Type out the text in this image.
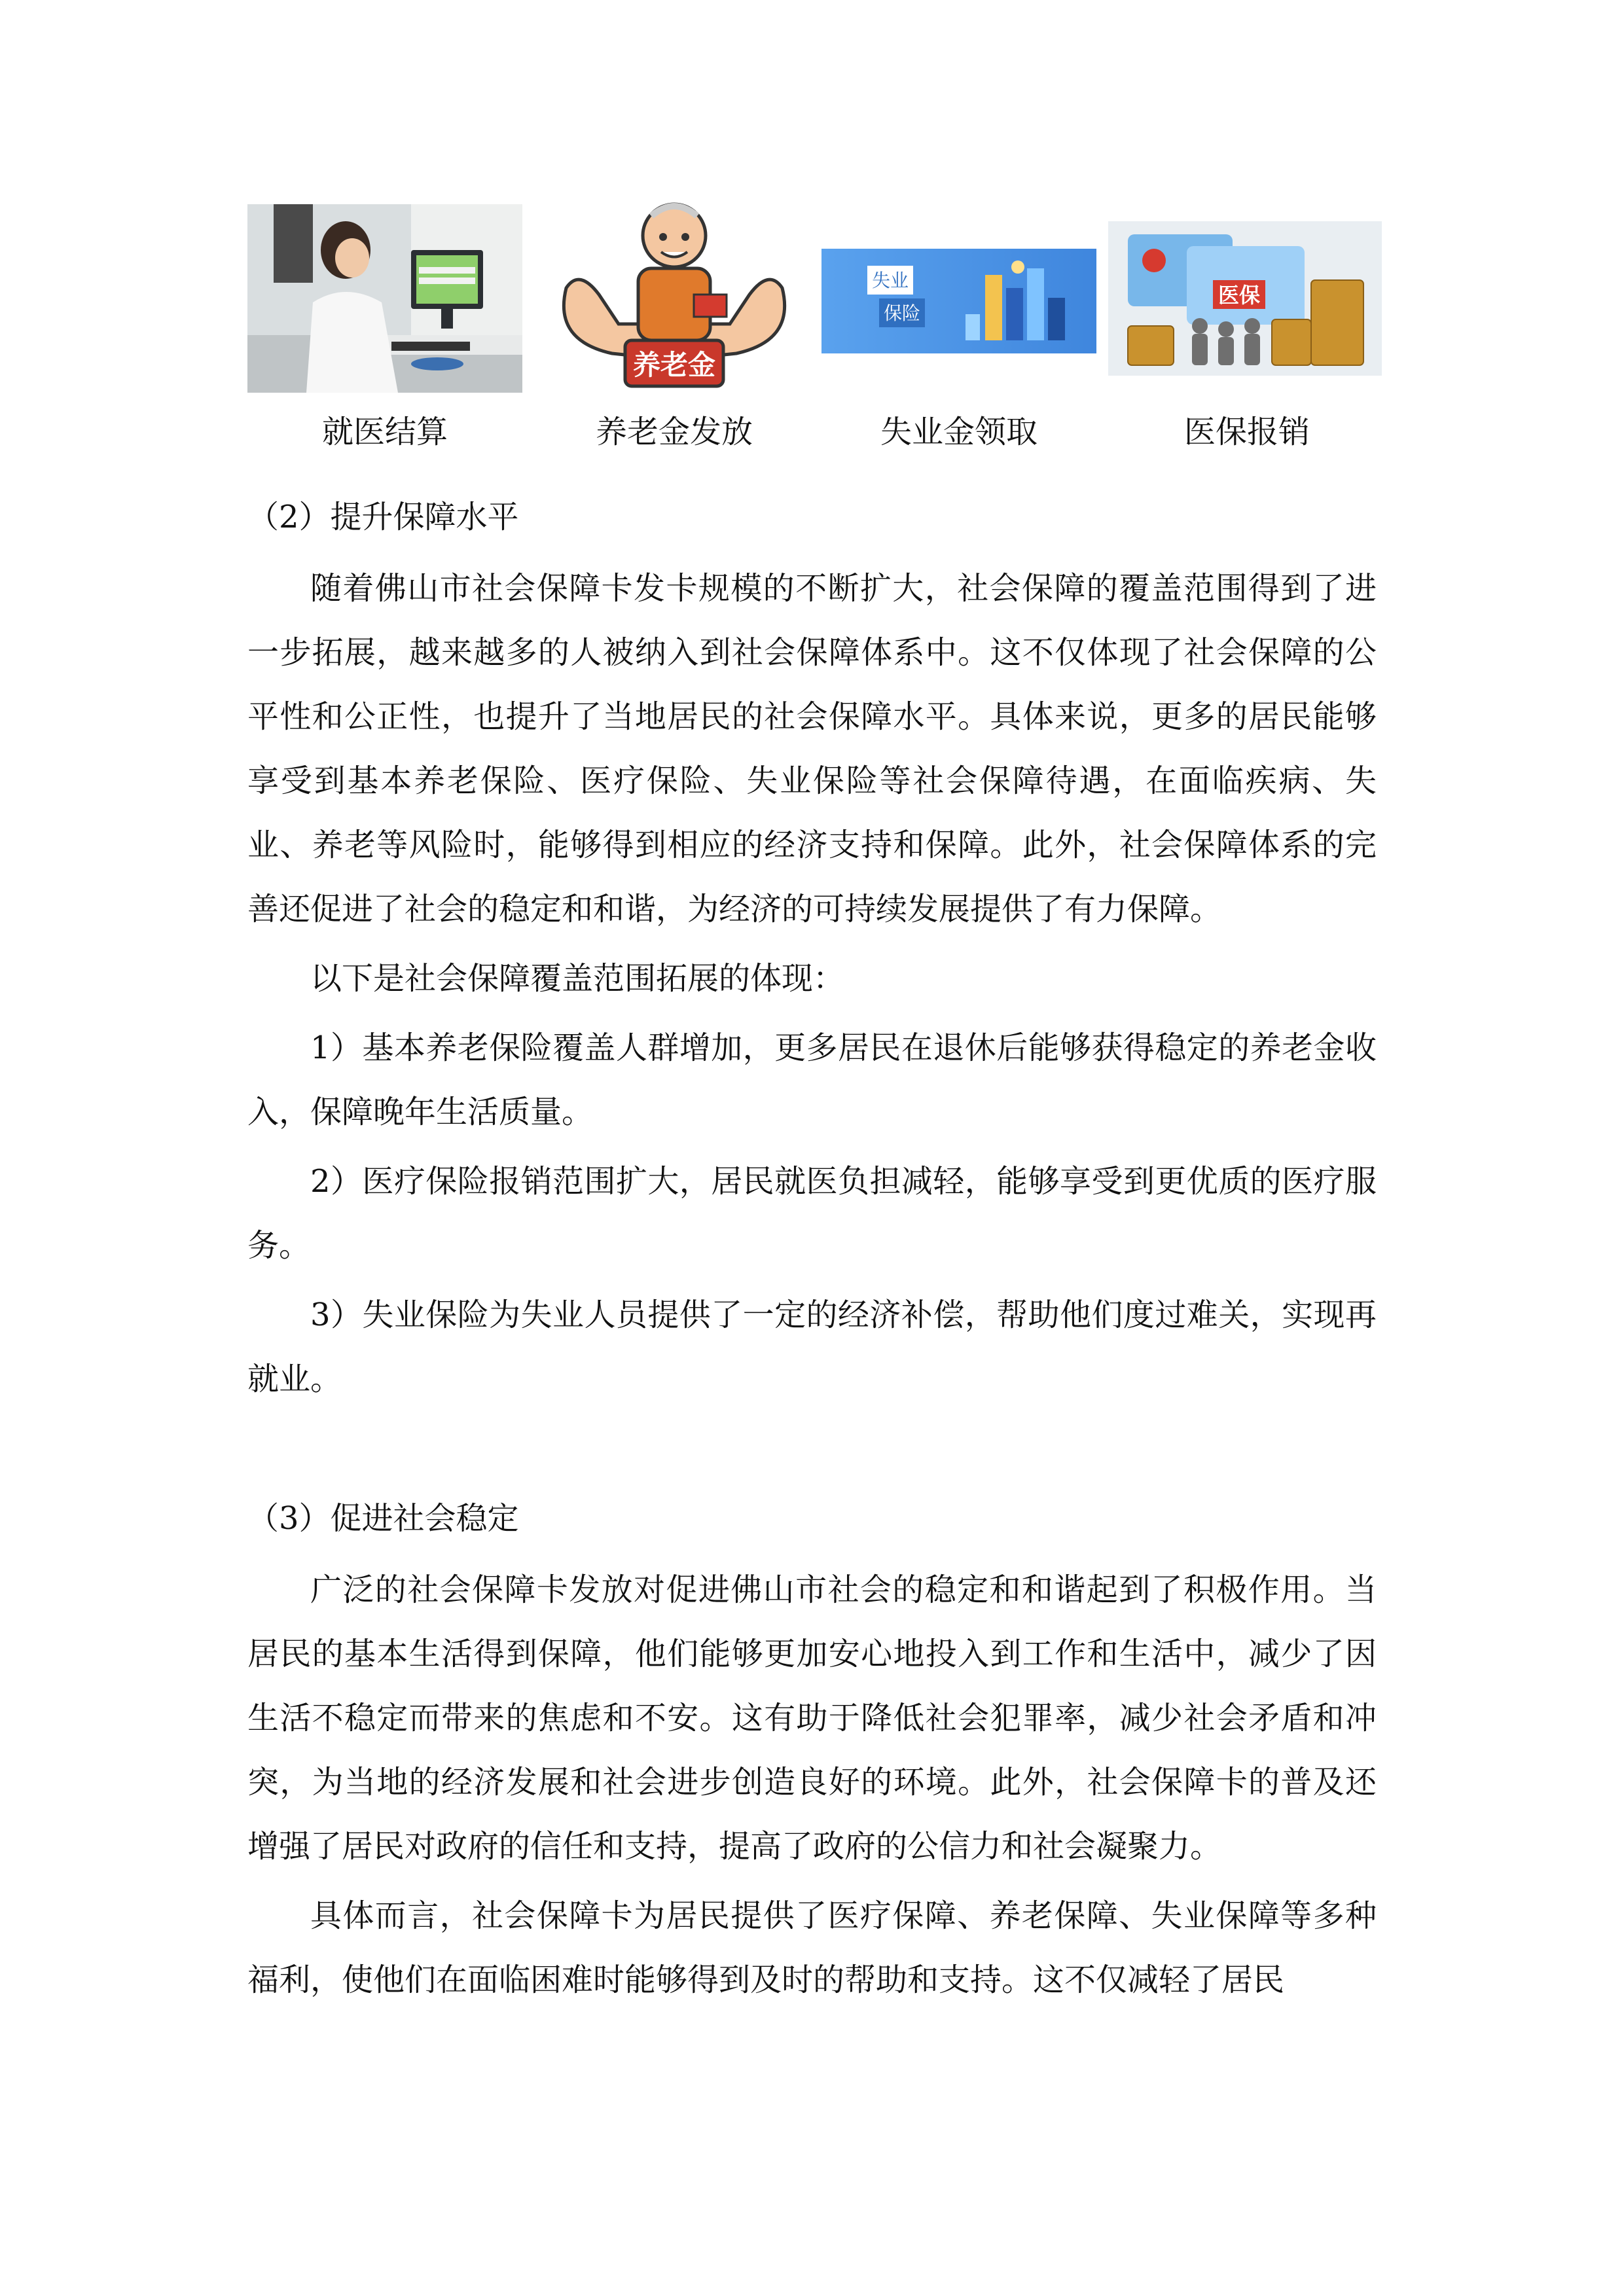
养老金
失业
保险
医保
就医结算	养老金发放	失业金领取	医保报销
（2）提升保障水平

随着佛山市社会保障卡发卡规模的不断扩大，社会保障的覆盖范围得到了进一步拓展，越来越多的人被纳入到社会保障体系中。这不仅体现了社会保障的公平性和公正性，也提升了当地居民的社会保障水平。具体来说，更多的居民能够享受到基本养老保险、医疗保险、失业保险等社会保障待遇，在面临疾病、失业、养老等风险时，能够得到相应的经济支持和保障。此外，社会保障体系的完善还促进了社会的稳定和和谐，为经济的可持续发展提供了有力保障。

以下是社会保障覆盖范围拓展的体现：

1）基本养老保险覆盖人群增加，更多居民在退休后能够获得稳定的养老金收入，保障晚年生活质量。

2）医疗保险报销范围扩大，居民就医负担减轻，能够享受到更优质的医疗服务。

3）失业保险为失业人员提供了一定的经济补偿，帮助他们度过难关，实现再就业。

（3）促进社会稳定

广泛的社会保障卡发放对促进佛山市社会的稳定和和谐起到了积极作用。当居民的基本生活得到保障，他们能够更加安心地投入到工作和生活中，减少了因生活不稳定而带来的焦虑和不安。这有助于降低社会犯罪率，减少社会矛盾和冲突，为当地的经济发展和社会进步创造良好的环境。此外，社会保障卡的普及还增强了居民对政府的信任和支持，提高了政府的公信力和社会凝聚力。

具体而言，社会保障卡为居民提供了医疗保障、养老保障、失业保障等多种福利，使他们在面临困难时能够得到及时的帮助和支持。这不仅减轻了居民
